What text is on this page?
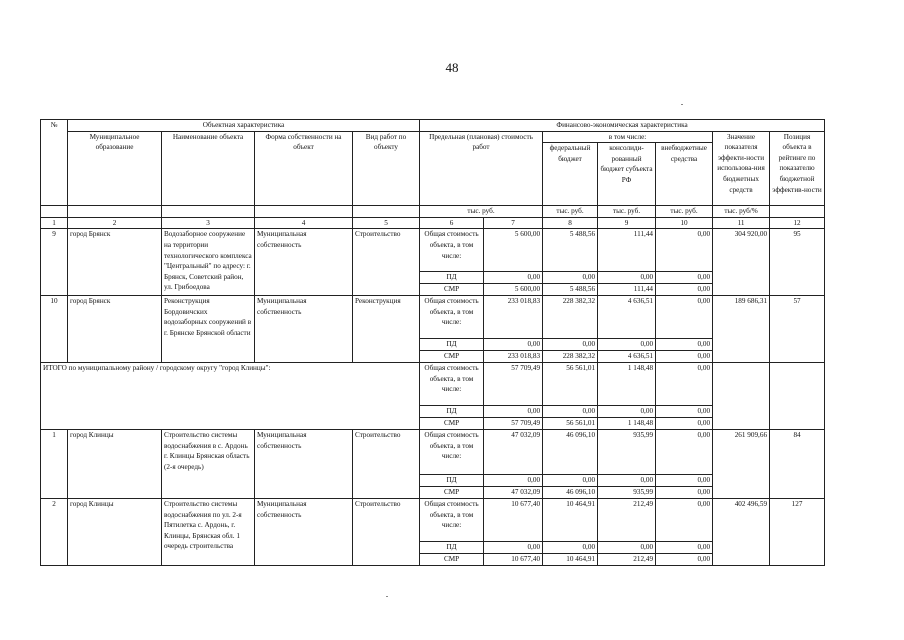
48
№	Объектная характеристика				Финансово-экономическая характеристика						
	Муниципальное образование	Наименование объекта	Форма собственности на объект	Вид работ по объекту	Предельная (плановая) стоимость работ		в том числе:			Значение показателя эффекти-ности использова-ния бюджетных средств	Позиция объекта в рейтинге по показателю бюджетной эффектив-ности
							федеральный бюджет	консолиди-рованный бюджет субъекта РФ	внебюджетные средства		
					тыс. руб.		тыс. руб.	тыс. руб.	тыс. руб.	тыс. руб/%	
1	2	3	4	5	6	7	8	9	10	11	12
9	город Брянск	Водозаборное сооружение на территории технологического комплекса "Центральный" по адресу: г. Брянск, Советский район, ул. Грибоедова	Муниципальная собственность	Строительство	Общая стоимость объекта, в том числе:	5 600,00	5 488,56	111,44	0,00	304 920,00	95
					ПД	0,00	0,00	0,00	0,00		
					СМР	5 600,00	5 488,56	111,44	0,00		
10	город Брянск	Реконструкция Бордовичских водозаборных сооружений в г. Брянске Брянской области	Муниципальная собственность	Реконструкция	Общая стоимость объекта, в том числе:	233 018,83	228 382,32	4 636,51	0,00	189 686,31	57
					ПД	0,00	0,00	0,00	0,00		
					СМР	233 018,83	228 382,32	4 636,51	0,00		
ИТОГО по муниципальному району / городскому округу "город Клинцы":					Общая стоимость объекта, в том числе:	57 709,49	56 561,01	1 148,48	0,00		
					ПД	0,00	0,00	0,00	0,00		
					СМР	57 709,49	56 561,01	1 148,48	0,00		
1	город Клинцы	Строительство системы водоснабжения в с. Ардонь г. Клинцы Брянская область (2-я очередь)	Муниципальная собственность	Строительство	Общая стоимость объекта, в том числе:	47 032,09	46 096,10	935,99	0,00	261 909,66	84
					ПД	0,00	0,00	0,00	0,00		
					СМР	47 032,09	46 096,10	935,99	0,00		
2	город Клинцы	Строительство системы водоснабжения по ул. 2-я Пятилетка с. Ардонь, г. Клинцы, Брянская обл. 1 очередь строительства	Муниципальная собственность	Строительство	Общая стоимость объекта, в том числе:	10 677,40	10 464,91	212,49	0,00	402 496,59	127
					ПД	0,00	0,00	0,00	0,00		
					СМР	10 677,40	10 464,91	212,49	0,00		
